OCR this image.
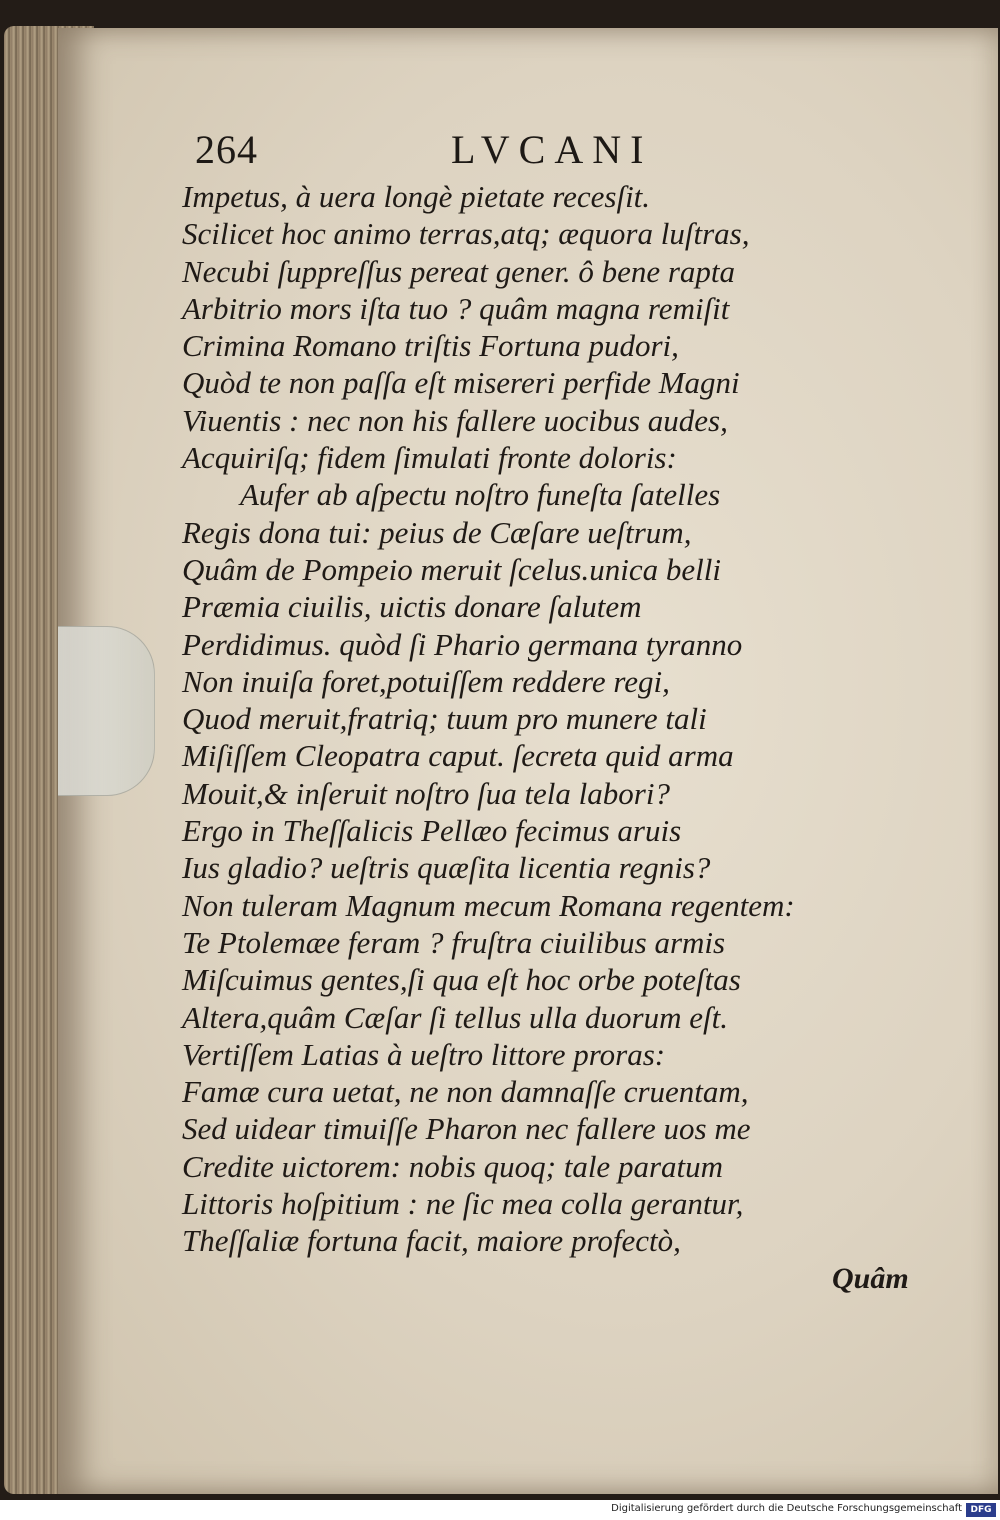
264	LVCANI
Impetus, à uera longè pietate recesſit.
Scilicet hoc animo terras,atq; æquora luſtras,
Necubi ſuppreſſus pereat gener. ô bene rapta
Arbitrio mors iſta tuo ? quâm magna remiſit
Crimina Romano triſtis Fortuna pudori,
Quòd te non paſſa eſt misereri perfide Magni
Viuentis : nec non his fallere uocibus audes,
Acquiriſq; fidem ſimulati fronte doloris:
Aufer ab aſpectu noſtro funeſta ſatelles
Regis dona tui: peius de Cæſare ueſtrum,
Quâm de Pompeio meruit ſcelus.unica belli
Præmia ciuilis, uictis donare ſalutem
Perdidimus. quòd ſi Phario germana tyranno
Non inuiſa foret,potuiſſem reddere regi,
Quod meruit,fratriq; tuum pro munere tali
Miſiſſem Cleopatra caput. ſecreta quid arma
Mouit,& inſeruit noſtro ſua tela labori?
Ergo in Theſſalicis Pellæo fecimus aruis
Ius gladio? ueſtris quæſita licentia regnis?
Non tuleram Magnum mecum Romana regentem:
Te Ptolemæe feram ? fruſtra ciuilibus armis
Miſcuimus gentes,ſi qua eſt hoc orbe poteſtas
Altera,quâm Cæſar ſi tellus ulla duorum eſt.
Vertiſſem Latias à ueſtro littore proras:
Famæ cura uetat, ne non damnaſſe cruentam,
Sed uidear timuiſſe Pharon nec fallere uos me
Credite uictorem: nobis quoq; tale paratum
Littoris hoſpitium : ne ſic mea colla gerantur,
Theſſaliæ fortuna facit, maiore profectò,
Quâm
Digitalisierung gefördert durch die Deutsche Forschungsgemeinschaft DFG
